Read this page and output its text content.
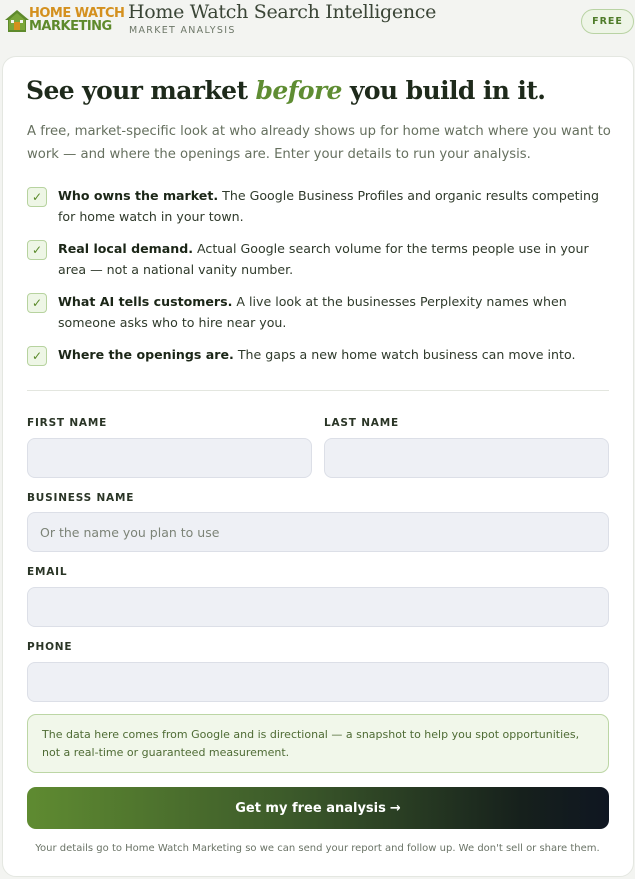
HOME WATCH
MARKETING
Home Watch Search Intelligence
MARKET ANALYSIS
FREE
See your market before you build in it.

A free, market-specific look at who already shows up for home watch where you want to work — and where the openings are. Enter your details to run your analysis.

✓	Who owns the market. The Google Business Profiles and organic results competing for home watch in your town.
✓	Real local demand. Actual Google search volume for the terms people use in your area — not a national vanity number.
✓	What AI tells customers. A live look at the businesses Perplexity names when someone asks who to hire near you.
✓	Where the openings are. The gaps a new home watch business can move into.
FIRST NAME	LAST NAME
BUSINESS NAME
Or the name you plan to use
EMAIL
PHONE
The data here comes from Google and is directional — a snapshot to help you spot opportunities, not a real-time or guaranteed measurement.
Get my free analysis →

Your details go to Home Watch Marketing so we can send your report and follow up. We don't sell or share them.
